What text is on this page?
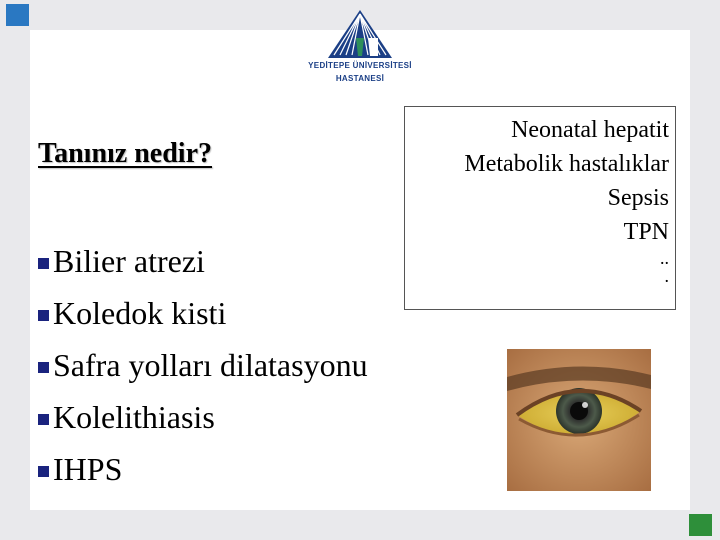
YEDİTEPE ÜNİVERSİTESİ
HASTANESİ
Tanınız nedir?
Bilier atrezi
Koledok kisti
Safra yolları dilatasyonu
Kolelithiasis
IHPS
Neonatal hepatit
Metabolik hastalıklar
Sepsis
TPN
..
.
